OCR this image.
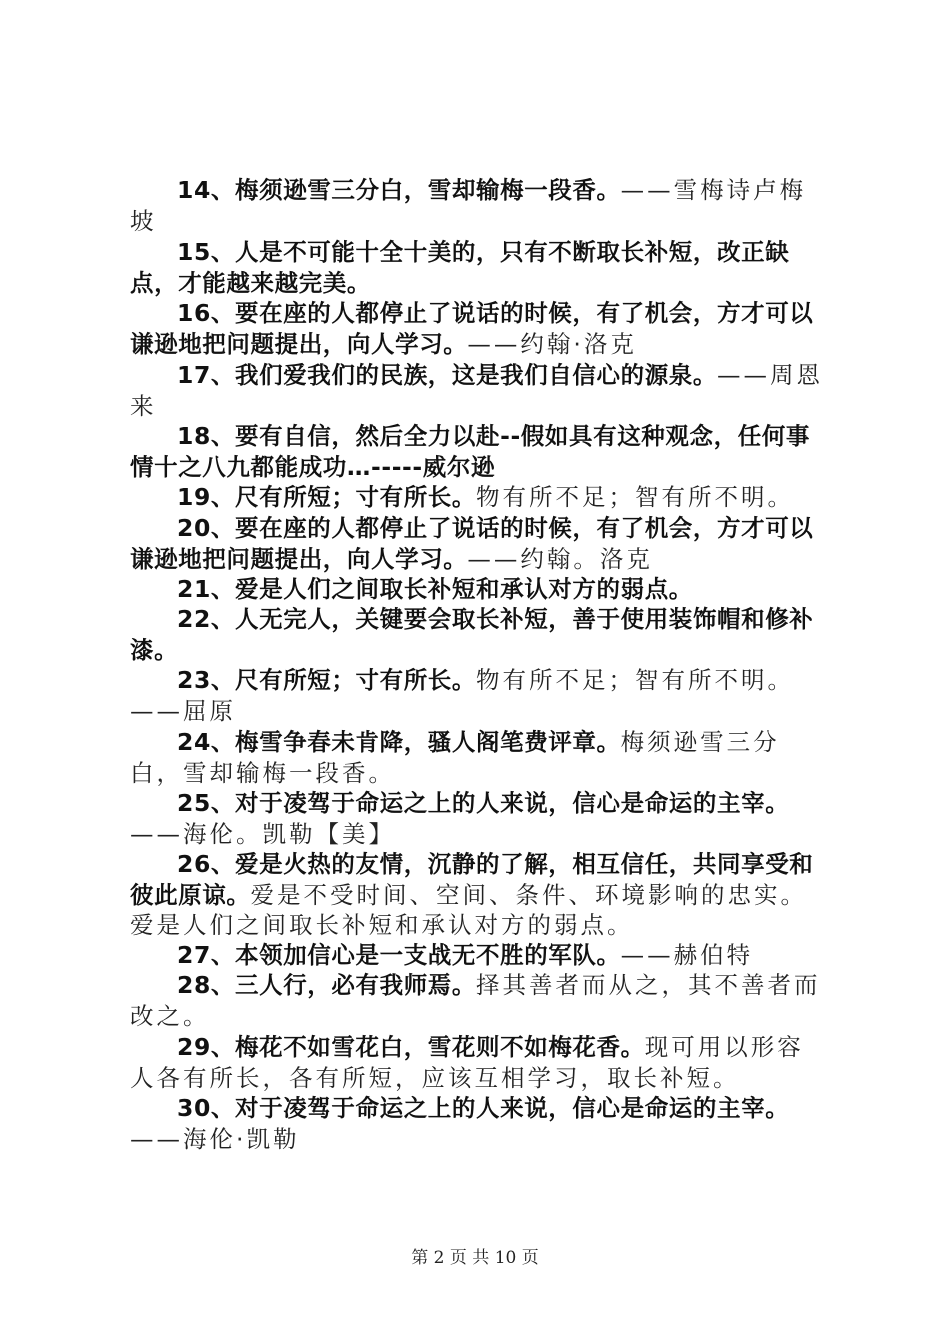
14、梅须逊雪三分白，雪却输梅一段香。——雪梅诗卢梅坡
15、人是不可能十全十美的，只有不断取长补短，改正缺点，才能越来越完美。
16、要在座的人都停止了说话的时候，有了机会，方才可以谦逊地把问题提出，向人学习。——约翰·洛克
17、我们爱我们的民族，这是我们自信心的源泉。——周恩来
18、要有自信，然后全力以赴--假如具有这种观念，任何事情十之八九都能成功…-----威尔逊
19、尺有所短；寸有所长。物有所不足；智有所不明。
20、要在座的人都停止了说话的时候，有了机会，方才可以谦逊地把问题提出，向人学习。——约翰。洛克
21、爱是人们之间取长补短和承认对方的弱点。
22、人无完人，关键要会取长补短，善于使用装饰帽和修补漆。
23、尺有所短；寸有所长。物有所不足；智有所不明。——屈原
24、梅雪争春未肯降，骚人阁笔费评章。梅须逊雪三分白，雪却输梅一段香。
25、对于凌驾于命运之上的人来说，信心是命运的主宰。——海伦。凯勒【美】
26、爱是火热的友情，沉静的了解，相互信任，共同享受和彼此原谅。爱是不受时间、空间、条件、环境影响的忠实。爱是人们之间取长补短和承认对方的弱点。
27、本领加信心是一支战无不胜的军队。——赫伯特
28、三人行，必有我师焉。择其善者而从之，其不善者而改之。
29、梅花不如雪花白，雪花则不如梅花香。现可用以形容人各有所长，各有所短，应该互相学习，取长补短。
30、对于凌驾于命运之上的人来说，信心是命运的主宰。——海伦·凯勒
第 2 页 共 10 页
